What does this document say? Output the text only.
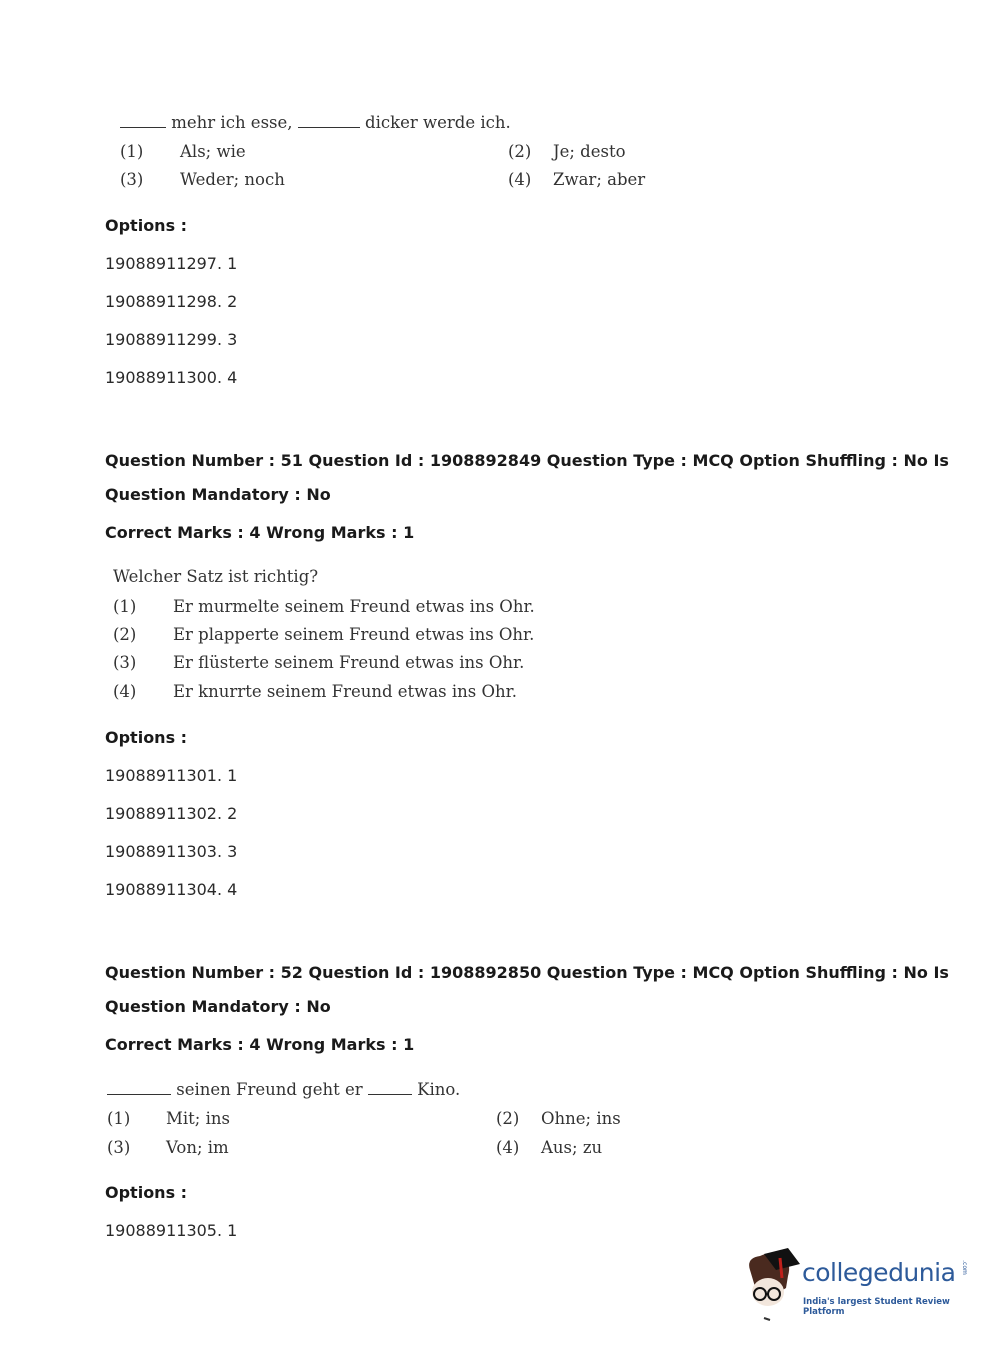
mehr ich esse,	dicker werde ich.
(1) Als; wie	(2) Je; desto
(3) Weder; noch	(4) Zwar; aber
Options :
19088911297. 1
19088911298. 2
19088911299. 3
19088911300. 4
Question Number : 51 Question Id : 1908892849 Question Type : MCQ Option Shuffling : No Is
Question Mandatory : No
Correct Marks : 4 Wrong Marks : 1
Welcher Satz ist richtig?
(1) Er murmelte seinem Freund etwas ins Ohr.
(2) Er plapperte seinem Freund etwas ins Ohr.
(3) Er flüsterte seinem Freund etwas ins Ohr.
(4) Er knurrte seinem Freund etwas ins Ohr.
Options :
19088911301. 1
19088911302. 2
19088911303. 3
19088911304. 4
Question Number : 52 Question Id : 1908892850 Question Type : MCQ Option Shuffling : No Is
Question Mandatory : No
Correct Marks : 4 Wrong Marks : 1
seinen Freund geht er	Kino.
(1) Mit; ins	(2) Ohne; ins
(3) Von; im	(4) Aus; zu
Options :
19088911305. 1
collegedunia .com
India's largest Student Review Platform
